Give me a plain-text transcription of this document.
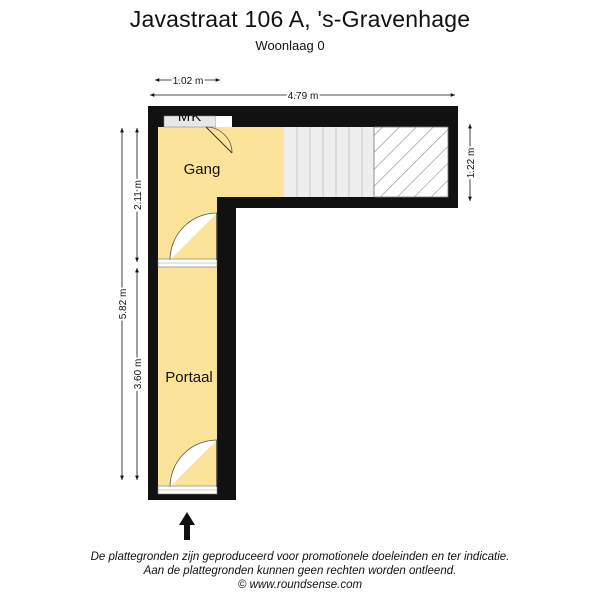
Javastraat 106 A, 's-Gravenhage
Woonlaag 0
1.02 m
4.79 m
1.22 m
5.82 m
2.11 m
3.60 m
MK
Gang
Portaal
De plattegronden zijn geproduceerd voor promotionele doeleinden en ter indicatie.
Aan de plattegronden kunnen geen rechten worden ontleend.
© www.roundsense.com
